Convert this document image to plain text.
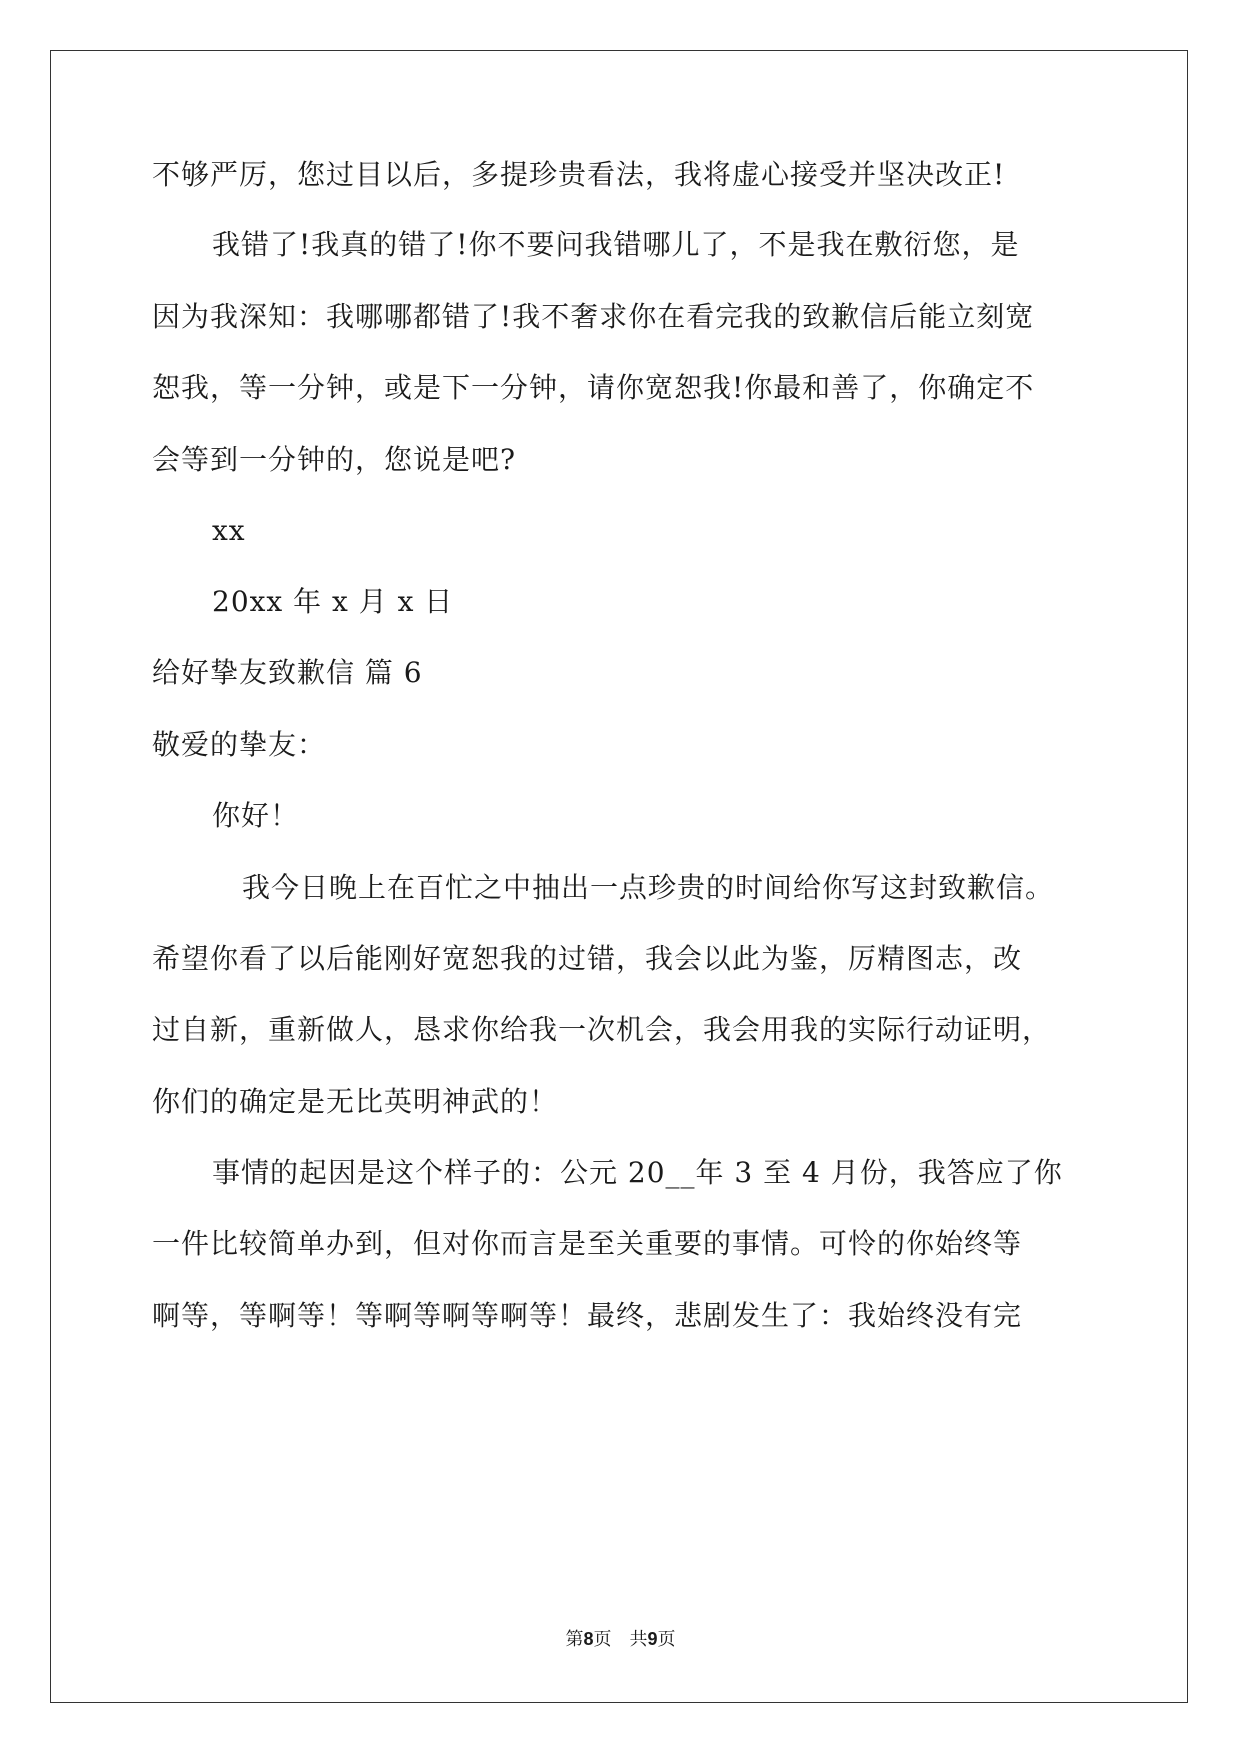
不够严厉，您过目以后，多提珍贵看法，我将虚心接受并坚决改正!
我错了!我真的错了!你不要问我错哪儿了，不是我在敷衍您，是
因为我深知：我哪哪都错了!我不奢求你在看完我的致歉信后能立刻宽
恕我，等一分钟，或是下一分钟，请你宽恕我!你最和善了，你确定不
会等到一分钟的，您说是吧?
xx
20xx 年 x 月 x 日
给好挚友致歉信 篇 6
敬爱的挚友：
你好！
我今日晚上在百忙之中抽出一点珍贵的时间给你写这封致歉信。
希望你看了以后能刚好宽恕我的过错，我会以此为鉴，厉精图志，改
过自新，重新做人，恳求你给我一次机会，我会用我的实际行动证明，
你们的确定是无比英明神武的！
事情的起因是这个样子的：公元 20__年 3 至 4 月份，我答应了你
一件比较简单办到，但对你而言是至关重要的事情。可怜的你始终等
啊等，等啊等！等啊等啊等啊等！最终，悲剧发生了：我始终没有完
第8页 共9页
